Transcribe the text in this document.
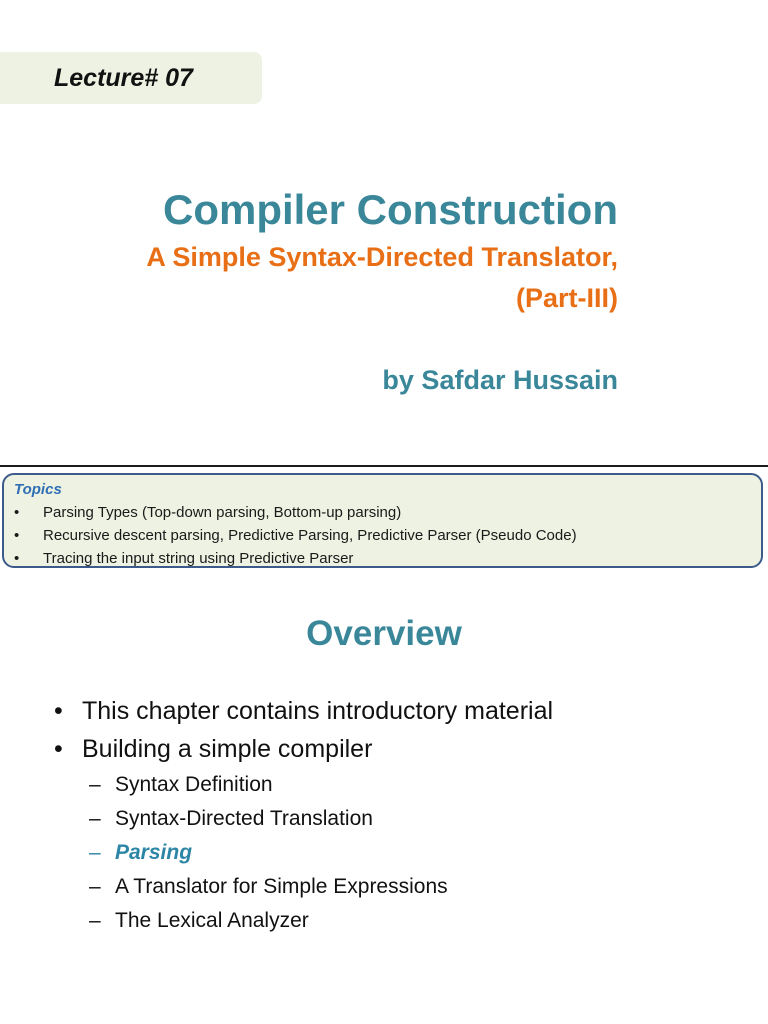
Lecture# 07
Compiler Construction
A Simple Syntax-Directed Translator,
(Part-III)
by Safdar Hussain
Topics
•	Parsing Types (Top-down parsing, Bottom-up parsing)
•	Recursive descent parsing, Predictive Parsing, Predictive Parser (Pseudo Code)
•	Tracing the input string using Predictive Parser
Overview
• This chapter contains introductory material
• Building a simple compiler
– Syntax Definition
– Syntax-Directed Translation
– Parsing
– A Translator for Simple Expressions
– The Lexical Analyzer
